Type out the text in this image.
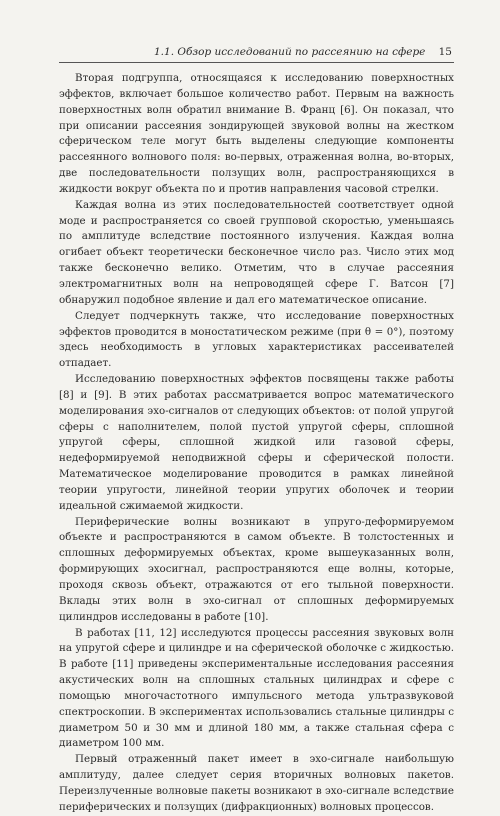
1.1. Обзор исследований по рассеянию на сфере 15

Вторая подгруппа, относящаяся к исследованию поверхностных эффектов, включает большое количество работ. Первым на важность поверхностных волн обратил внимание В. Франц [6]. Он показал, что при описании рассеяния зондирующей звуковой волны на жестком сферическом теле могут быть выделены следующие компоненты рассеянного волнового поля: во-первых, отраженная волна, во-вторых, две последовательности ползущих волн, распространяющихся в жидкости вокруг объекта по и против направления часовой стрелки.

Каждая волна из этих последовательностей соответствует одной моде и распространяется со своей групповой скоростью, уменьшаясь по амплитуде вследствие постоянного излучения. Каждая волна огибает объект теоретически бесконечное число раз. Число этих мод также бесконечно велико. Отметим, что в случае рассеяния электромагнитных волн на непроводящей сфере Г. Ватсон [7] обнаружил подобное явление и дал его математическое описание.

Следует подчеркнуть также, что исследование поверхностных эффектов проводится в моностатическом режиме (при θ = 0°), поэтому здесь необходимость в угловых характеристиках рассеивателей отпадает.

Исследованию поверхностных эффектов посвящены также работы [8] и [9]. В этих работах рассматривается вопрос математического моделирования эхо-сигналов от следующих объектов: от полой упругой сферы с наполнителем, полой пустой упругой сферы, сплошной упругой сферы, сплошной жидкой или газовой сферы, недеформируемой неподвижной сферы и сферической полости. Математическое моделирование проводится в рамках линейной теории упругости, линейной теории упругих оболочек и теории идеальной сжимаемой жидкости.

Периферические волны возникают в упруго-деформируемом объекте и распространяются в самом объекте. В толстостенных и сплошных деформируемых объектах, кроме вышеуказанных волн, формирующих эхосигнал, распространяются еще волны, которые, проходя сквозь объект, отражаются от его тыльной поверхности. Вклады этих волн в эхо-сигнал от сплошных деформируемых цилиндров исследованы в работе [10].

В работах [11, 12] исследуются процессы рассеяния звуковых волн на упругой сфере и цилиндре и на сферической оболочке с жидкостью. В работе [11] приведены экспериментальные исследования рассеяния акустических волн на сплошных стальных цилиндрах и сфере с помощью многочастотного импульсного метода ультразвуковой спектроскопии. В экспериментах использовались стальные цилиндры с диаметром 50 и 30 мм и длиной 180 мм, а также стальная сфера с диаметром 100 мм.

Первый отраженный пакет имеет в эхо-сигнале наибольшую амплитуду, далее следует серия вторичных волновых пакетов. Переизлученные волновые пакеты возникают в эхо-сигнале вследствие периферических и ползущих (дифракционных) волновых процессов.
